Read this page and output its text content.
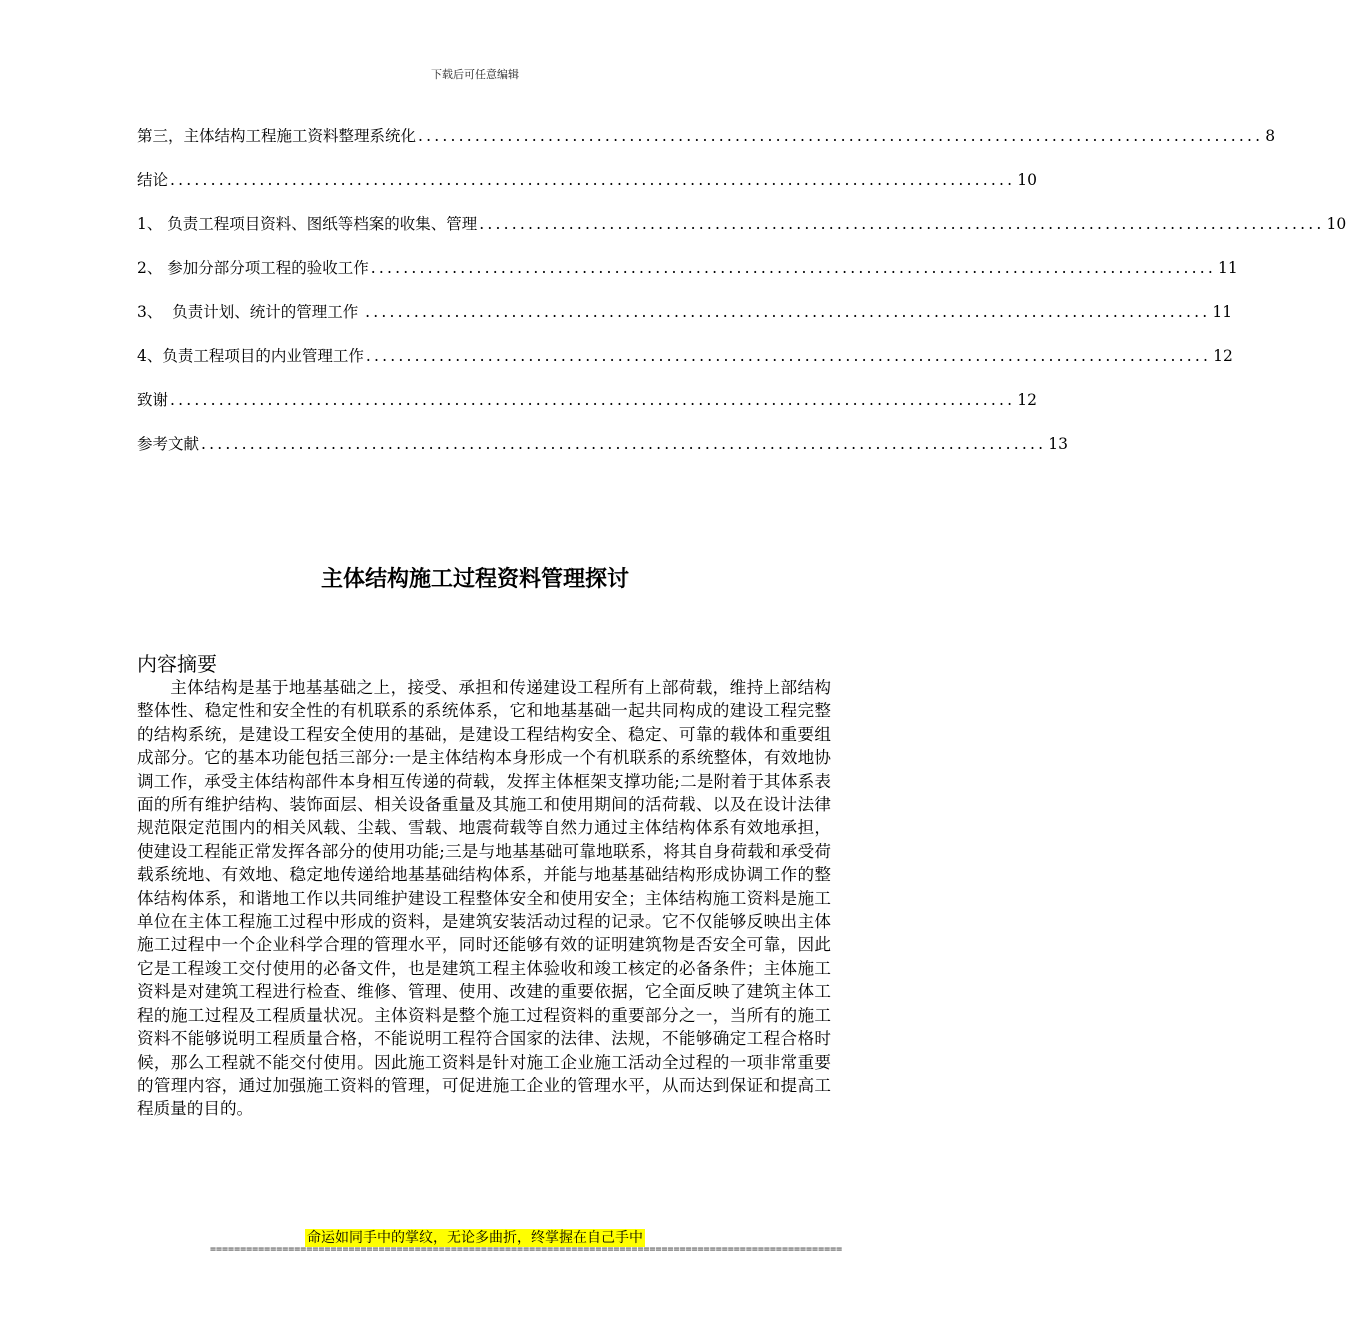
下载后可任意编辑
第三，主体结构工程施工资料整理系统化 ........................................................................................................ 8
结论 ........................................................................................................ 10
1、 负责工程项目资料、图纸等档案的收集、管理 ........................................................................................................ 10
2、 参加分部分项工程的验收工作 ........................................................................................................ 11
3、  负责计划、统计的管理工作 ........................................................................................................ 11
4、负责工程项目的内业管理工作 ........................................................................................................ 12
致谢 ........................................................................................................ 12
参考文献 ........................................................................................................ 13
主体结构施工过程资料管理探讨
内容摘要

主体结构是基于地基基础之上，接受、承担和传递建设工程所有上部荷载，维持上部结构整体性、稳定性和安全性的有机联系的系统体系，它和地基基础一起共同构成的建设工程完整的结构系统，是建设工程安全使用的基础，是建设工程结构安全、稳定、可靠的载体和重要组成部分。它的基本功能包括三部分:一是主体结构本身形成一个有机联系的系统整体，有效地协调工作，承受主体结构部件本身相互传递的荷载，发挥主体框架支撑功能;二是附着于其体系表面的所有维护结构、装饰面层、相关设备重量及其施工和使用期间的活荷载、以及在设计法律规范限定范围内的相关风载、尘载、雪载、地震荷载等自然力通过主体结构体系有效地承担，使建设工程能正常发挥各部分的使用功能;三是与地基基础可靠地联系，将其自身荷载和承受荷载系统地、有效地、稳定地传递给地基基础结构体系，并能与地基基础结构形成协调工作的整体结构体系，和谐地工作以共同维护建设工程整体安全和使用安全；主体结构施工资料是施工单位在主体工程施工过程中形成的资料，是建筑安装活动过程的记录。它不仅能够反映出主体施工过程中一个企业科学合理的管理水平，同时还能够有效的证明建筑物是否安全可靠，因此它是工程竣工交付使用的必备文件，也是建筑工程主体验收和竣工核定的必备条件；主体施工资料是对建筑工程进行检查、维修、管理、使用、改建的重要依据，它全面反映了建筑主体工程的施工过程及工程质量状况。主体资料是整个施工过程资料的重要部分之一，当所有的施工资料不能够说明工程质量合格，不能说明工程符合国家的法律、法规，不能够确定工程合格时候，那么工程就不能交付使用。因此施工资料是针对施工企业施工活动全过程的一项非常重要的管理内容，通过加强施工资料的管理，可促进施工企业的管理水平，从而达到保证和提高工程质量的目的。

命运如同手中的掌纹，无论多曲折，终掌握在自己手中
=========================================================================================================
